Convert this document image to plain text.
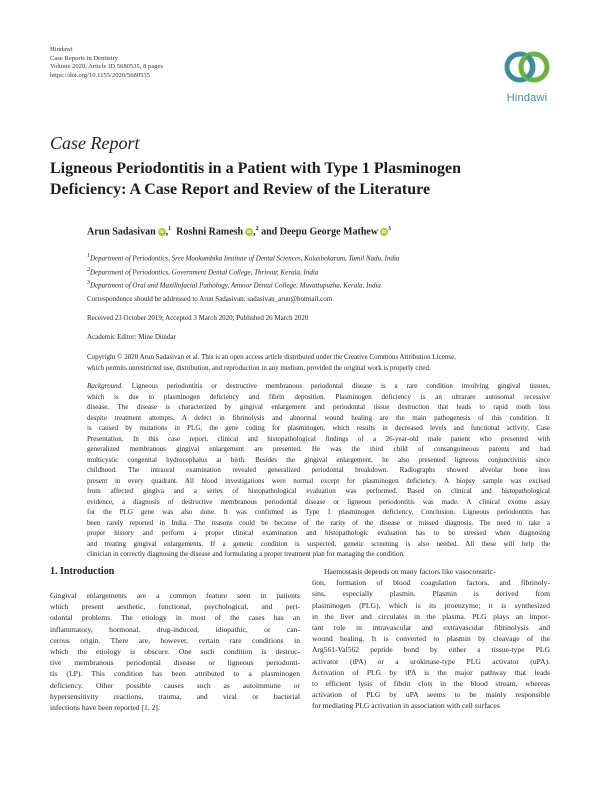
Hindawi
Case Reports in Dentistry
Volume 2020, Article ID 5680535, 8 pages
https://doi.org/10.1155/2020/5680535
Hindawi
Case Report
Ligneous Periodontitis in a Patient with Type 1 Plasminogen Deficiency: A Case Report and Review of the Literature
Arun Sadasivan iD ,$^1$ Roshni Ramesh iD ,$^2$ and Deepu George Mathew iD $^3$
$^1$Department of Periodontics, Sree Mookambika Institute of Dental Sciences, Kulashekaram, Tamil Nadu, India
$^2$Department of Periodontics, Government Dental College, Thrissur, Kerala, India
$^3$Department of Oral and Maxillofacial Pathology, Annoor Dental College, Muvattupuzha, Kerala, India
Correspondence should be addressed to Arun Sadasivan; sadasivan_arun@hotmail.com
Received 23 October 2019; Accepted 3 March 2020; Published 26 March 2020
Academic Editor: Mine Dündar
Copyright © 2020 Arun Sadasivan et al. This is an open access article distributed under the Creative Commons Attribution License,
which permits unrestricted use, distribution, and reproduction in any medium, provided the original work is properly cited.
Background. Ligneous periodontitis or destructive membranous periodontal disease is a rare condition involving gingival tissues,
which is due to plasminogen deficiency and fibrin deposition. Plasminogen deficiency is an ultrarare autosomal recessive
disease. The disease is characterized by gingival enlargement and periodontal tissue destruction that leads to rapid tooth loss
despite treatment attempts. A defect in fibrinolysis and abnormal wound healing are the main pathogenesis of this condition. It
is caused by mutations in PLG, the gene coding for plasminogen, which results in decreased levels and functional activity. Case
Presentation. In this case report, clinical and histopathological findings of a 26-year-old male patient who presented with
generalized membranous gingival enlargement are presented. He was the third child of consanguineous parents and had
multicystic congenital hydrocephalus at birth. Besides the gingival enlargement, he also presented ligneous conjunctivitis since
childhood. The intraoral examination revealed generalized periodontal breakdown. Radiographs showed alveolar bone loss
present in every quadrant. All blood investigations were normal except for plasminogen deficiency. A biopsy sample was excised
from affected gingiva and a series of histopathological evaluation was performed. Based on clinical and histopathological
evidence, a diagnosis of destructive membranous periodontal disease or ligneous periodontitis was made. A clinical exome assay
for the PLG gene was also done. It was confirmed as Type 1 plasminogen deficiency. Conclusion. Ligneous periodontitis has
been rarely reported in India. The reasons could be because of the rarity of the disease or missed diagnosis. The need to take a
proper history and perform a proper clinical examination and histopathologic evaluation has to be stressed when diagnosing
and treating gingival enlargements. If a genetic condition is suspected, genetic screening is also needed. All these will help the
clinician in correctly diagnosing the disease and formulating a proper treatment plan for managing the condition.
1. Introduction
Gingival enlargements are a common feature seen in patients
which present aesthetic, functional, psychological, and peri-
odontal problems. The etiology in most of the cases has an
inflammatory, hormonal, drug-induced, idiopathic, or can-
cerous origin. There are, however, certain rare conditions in
which the etiology is obscure. One such condition is destruc-
tive membranous periodontal disease or ligneous periodonti-
tis (LP). This condition has been attributed to a plasminogen
deficiency. Other possible causes such as autoimmune or
hypersensitivity reactions, trauma, and viral or bacterial
infections have been reported [1, 2].
Haemostasis depends on many factors like vasoconstric-
tion, formation of blood coagulation factors, and fibrinoly-
sins, especially plasmin. Plasmin is derived from
plasminogen (PLG), which is its proenzyme; it is synthesized
in the liver and circulates in the plasma. PLG plays an impor-
tant role in intravascular and extravascular fibrinolysis and
wound healing. It is converted to plasmin by cleavage of the
Arg561-Val562 peptide bond by either a tissue-type PLG
activator (tPA) or a urokinase-type PLG activator (uPA).
Activation of PLG by tPA is the major pathway that leads
to efficient lysis of fibrin clots in the blood stream, whereas
activation of PLG by uPA seems to be mainly responsible
for mediating PLG activation in association with cell surfaces
